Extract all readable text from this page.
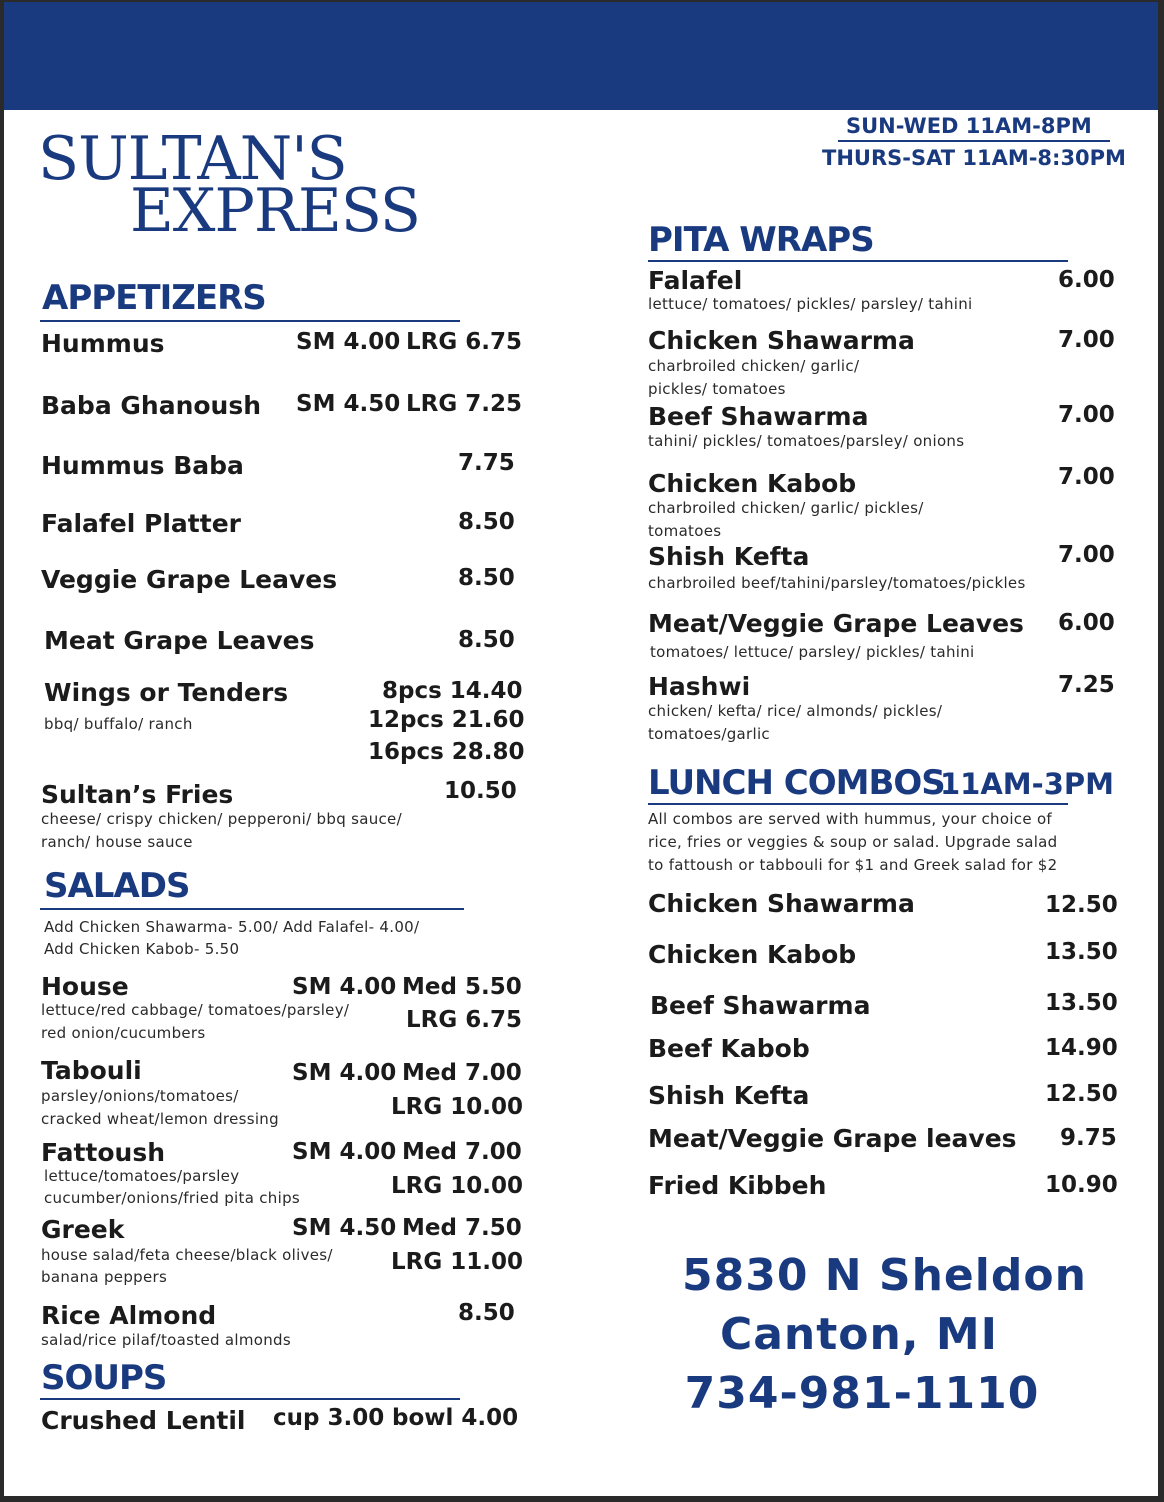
SULTAN'S
EXPRESS
OPEN
SUN-WED 11AM-8PM
THURS-SAT 11AM-8:30PM
APPETIZERS
Hummus	SM 4.00 LRG 6.75
Baba Ghanoush SM 4.50 LRG 7.25
Hummus Baba	7.75
Falafel Platter	8.50
Veggie Grape Leaves	8.50
Meat Grape Leaves	8.50
Wings or Tenders
bbq/ buffalo/ ranch
8pcs 14.40
12pcs 21.60
16pcs 28.80
Sultan’s Fries	10.50
cheese/ crispy chicken/ pepperoni/ bbq sauce/
ranch/ house sauce
SALADS
Add Chicken Shawarma- 5.00/ Add Falafel- 4.00/
Add Chicken Kabob- 5.50
House	SM 4.00 Med 5.50
LRG 6.75
lettuce/red cabbage/ tomatoes/parsley/
red onion/cucumbers
Tabouli	SM 4.00 Med 7.00
LRG 10.00
parsley/onions/tomatoes/
cracked wheat/lemon dressing
Fattoush	SM 4.00 Med 7.00
LRG 10.00
lettuce/tomatoes/parsley
cucumber/onions/fried pita chips
Greek	SM 4.50 Med 7.50
LRG 11.00
house salad/feta cheese/black olives/
banana peppers
Rice Almond	8.50
salad/rice pilaf/toasted almonds
SOUPS
Crushed Lentil cup 3.00 bowl 4.00
PITA WRAPS
Falafel	6.00
lettuce/ tomatoes/ pickles/ parsley/ tahini
Chicken Shawarma	7.00
charbroiled chicken/ garlic/
pickles/ tomatoes
Beef Shawarma	7.00
tahini/ pickles/ tomatoes/parsley/ onions
Chicken Kabob	7.00
charbroiled chicken/ garlic/ pickles/
tomatoes
Shish Kefta	7.00
charbroiled beef/tahini/parsley/tomatoes/pickles
Meat/Veggie Grape Leaves 6.00
tomatoes/ lettuce/ parsley/ pickles/ tahini
Hashwi	7.25
chicken/ kefta/ rice/ almonds/ pickles/
tomatoes/garlic
LUNCH COMBOS
11AM-3PM
All combos are served with hummus, your choice of
rice, fries or veggies & soup or salad. Upgrade salad
to fattoush or tabbouli for $1 and Greek salad for $2
Chicken Shawarma	12.50
Chicken Kabob	13.50
Beef Shawarma	13.50
Beef Kabob	14.90
Shish Kefta	12.50
Meat/Veggie Grape leaves 9.75
Fried Kibbeh	10.90
5830 N Sheldon
Canton, MI
734-981-1110
